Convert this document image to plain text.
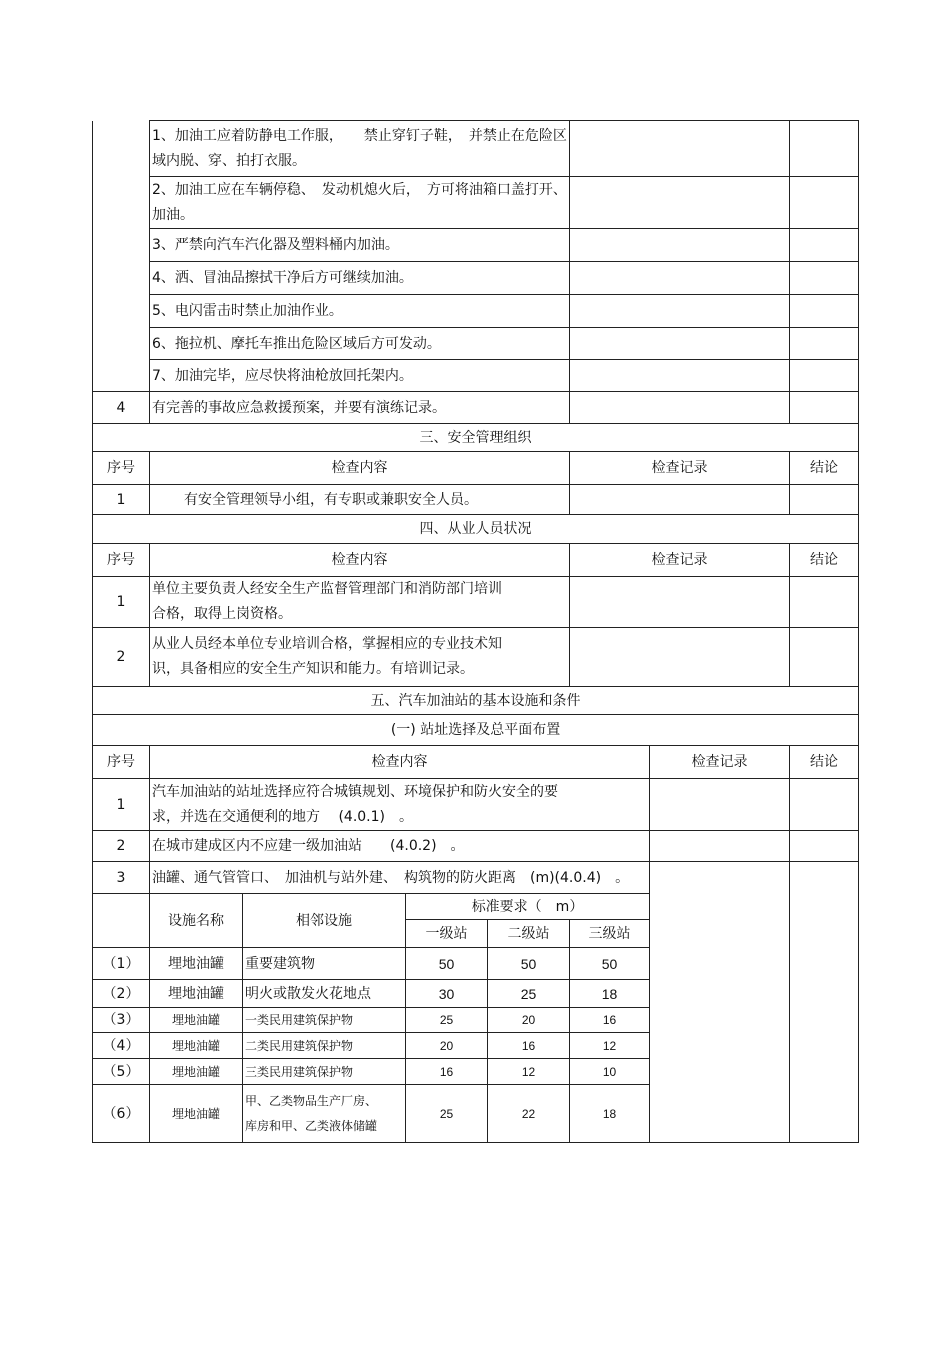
	1、加油工应着防静电工作服，　　禁止穿钉子鞋，　并禁止在危险区域内脱、穿、拍打衣服。						
	2、加油工应在车辆停稳、　发动机熄火后，　方可将油箱口盖打开、加油。						
	3、严禁向汽车汽化器及塑料桶内加油。						
	4、洒、冒油品擦拭干净后方可继续加油。						
	5、电闪雷击时禁止加油作业。						
	6、拖拉机、摩托车推出危险区域后方可发动。						
	7、加油完毕，应尽快将油枪放回托架内。						
4	有完善的事故应急救援预案，并要有演练记录。						
三、安全管理组织							
序号	检查内容				检查记录		结论
1	有安全管理领导小组，有专职或兼职安全人员。						
四、从业人员状况							
序号	检查内容				检查记录		结论
1	单位主要负责人经安全生产监督管理部门和消防部门培训
合格，取得上岗资格。						

2	从业人员经本单位专业培训合格，掌握相应的专业技术知
识，具备相应的安全生产知识和能力。有培训记录。						

五、汽车加油站的基本设施和条件							
(一) 站址选择及总平面布置							
序号	检查内容					检查记录	结论
1	汽车加油站的站址选择应符合城镇规划、环境保护和防火安全的要
求，并选在交通便利的地方　 (4.0.1)　。						

2	在城市建成区内不应建一级加油站　　(4.0.2)　。						
3	油罐、通气管管口、　加油机与站外建、　构筑物的防火距离　(m)(4.0.4)　。						
	设施名称	相邻设施	标准要求（　m）				
			一级站	二级站	三级站		
（1）	埋地油罐	重要建筑物	50	50	50		
（2）	埋地油罐	明火或散发火花地点	30	25	18		
（3）	埋地油罐	一类民用建筑保护物	25	20	16		
（4）	埋地油罐	二类民用建筑保护物	20	16	12		
（5）	埋地油罐	三类民用建筑保护物	16	12	10		
（6）	埋地油罐	甲、乙类物品生产厂房、
库房和甲、乙类液体储罐	25	22	18		
